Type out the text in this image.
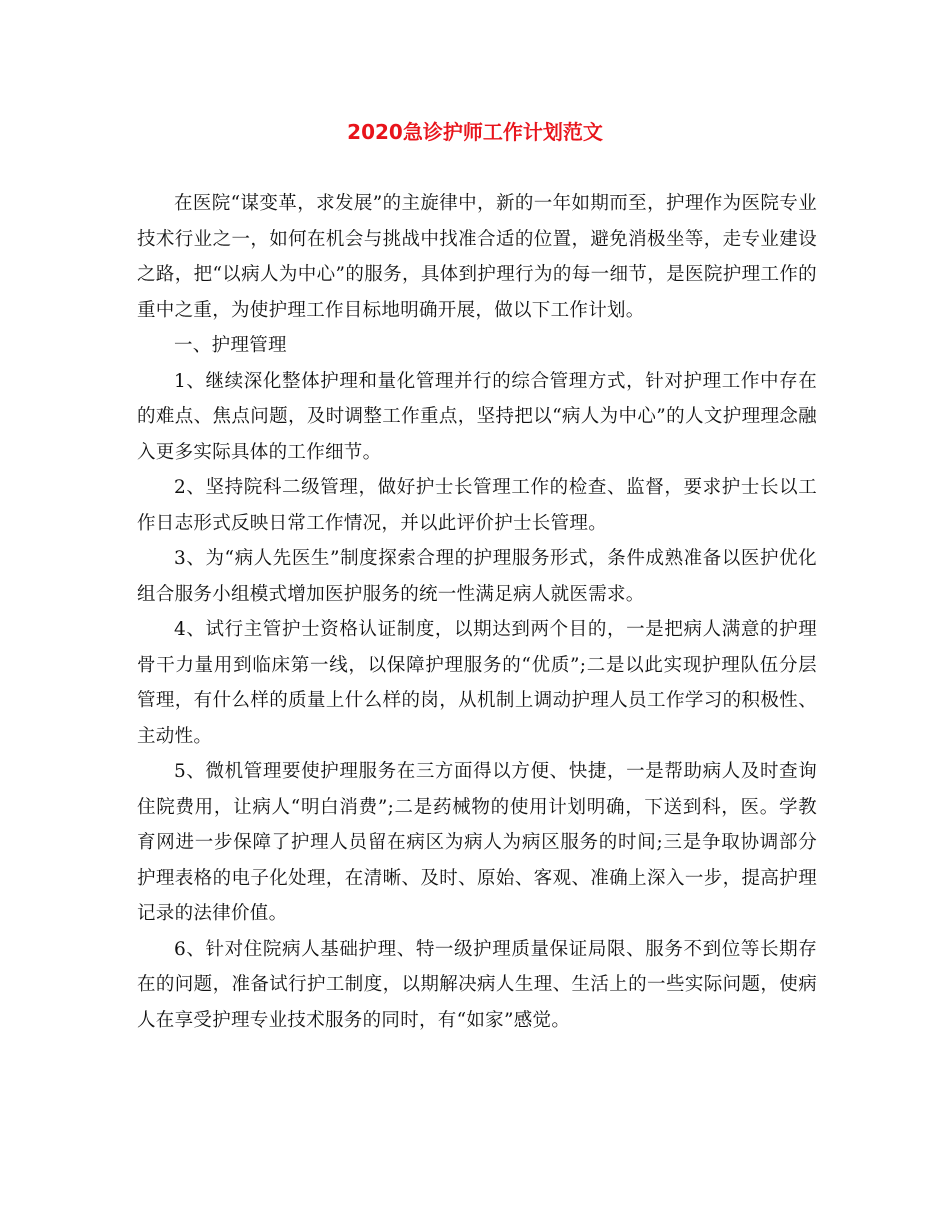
2020急诊护师工作计划范文

在医院“谋变革，求发展”的主旋律中，新的一年如期而至，护理作为医院专业技术行业之一，如何在机会与挑战中找准合适的位置，避免消极坐等，走专业建设之路，把“以病人为中心”的服务，具体到护理行为的每一细节，是医院护理工作的重中之重，为使护理工作目标地明确开展，做以下工作计划。

一、护理管理

1、继续深化整体护理和量化管理并行的综合管理方式，针对护理工作中存在的难点、焦点问题，及时调整工作重点，坚持把以“病人为中心”的人文护理理念融入更多实际具体的工作细节。

2、坚持院科二级管理，做好护士长管理工作的检查、监督，要求护士长以工作日志形式反映日常工作情况，并以此评价护士长管理。

3、为“病人先医生”制度探索合理的护理服务形式，条件成熟准备以医护优化组合服务小组模式增加医护服务的统一性满足病人就医需求。

4、试行主管护士资格认证制度，以期达到两个目的，一是把病人满意的护理骨干力量用到临床第一线，以保障护理服务的“优质”;二是以此实现护理队伍分层管理，有什么样的质量上什么样的岗，从机制上调动护理人员工作学习的积极性、主动性。

5、微机管理要使护理服务在三方面得以方便、快捷，一是帮助病人及时查询住院费用，让病人“明白消费”;二是药械物的使用计划明确，下送到科，医。学教育网进一步保障了护理人员留在病区为病人为病区服务的时间;三是争取协调部分护理表格的电子化处理，在清晰、及时、原始、客观、准确上深入一步，提高护理记录的法律价值。

6、针对住院病人基础护理、特一级护理质量保证局限、服务不到位等长期存在的问题，准备试行护工制度，以期解决病人生理、生活上的一些实际问题，使病人在享受护理专业技术服务的同时，有“如家”感觉。
